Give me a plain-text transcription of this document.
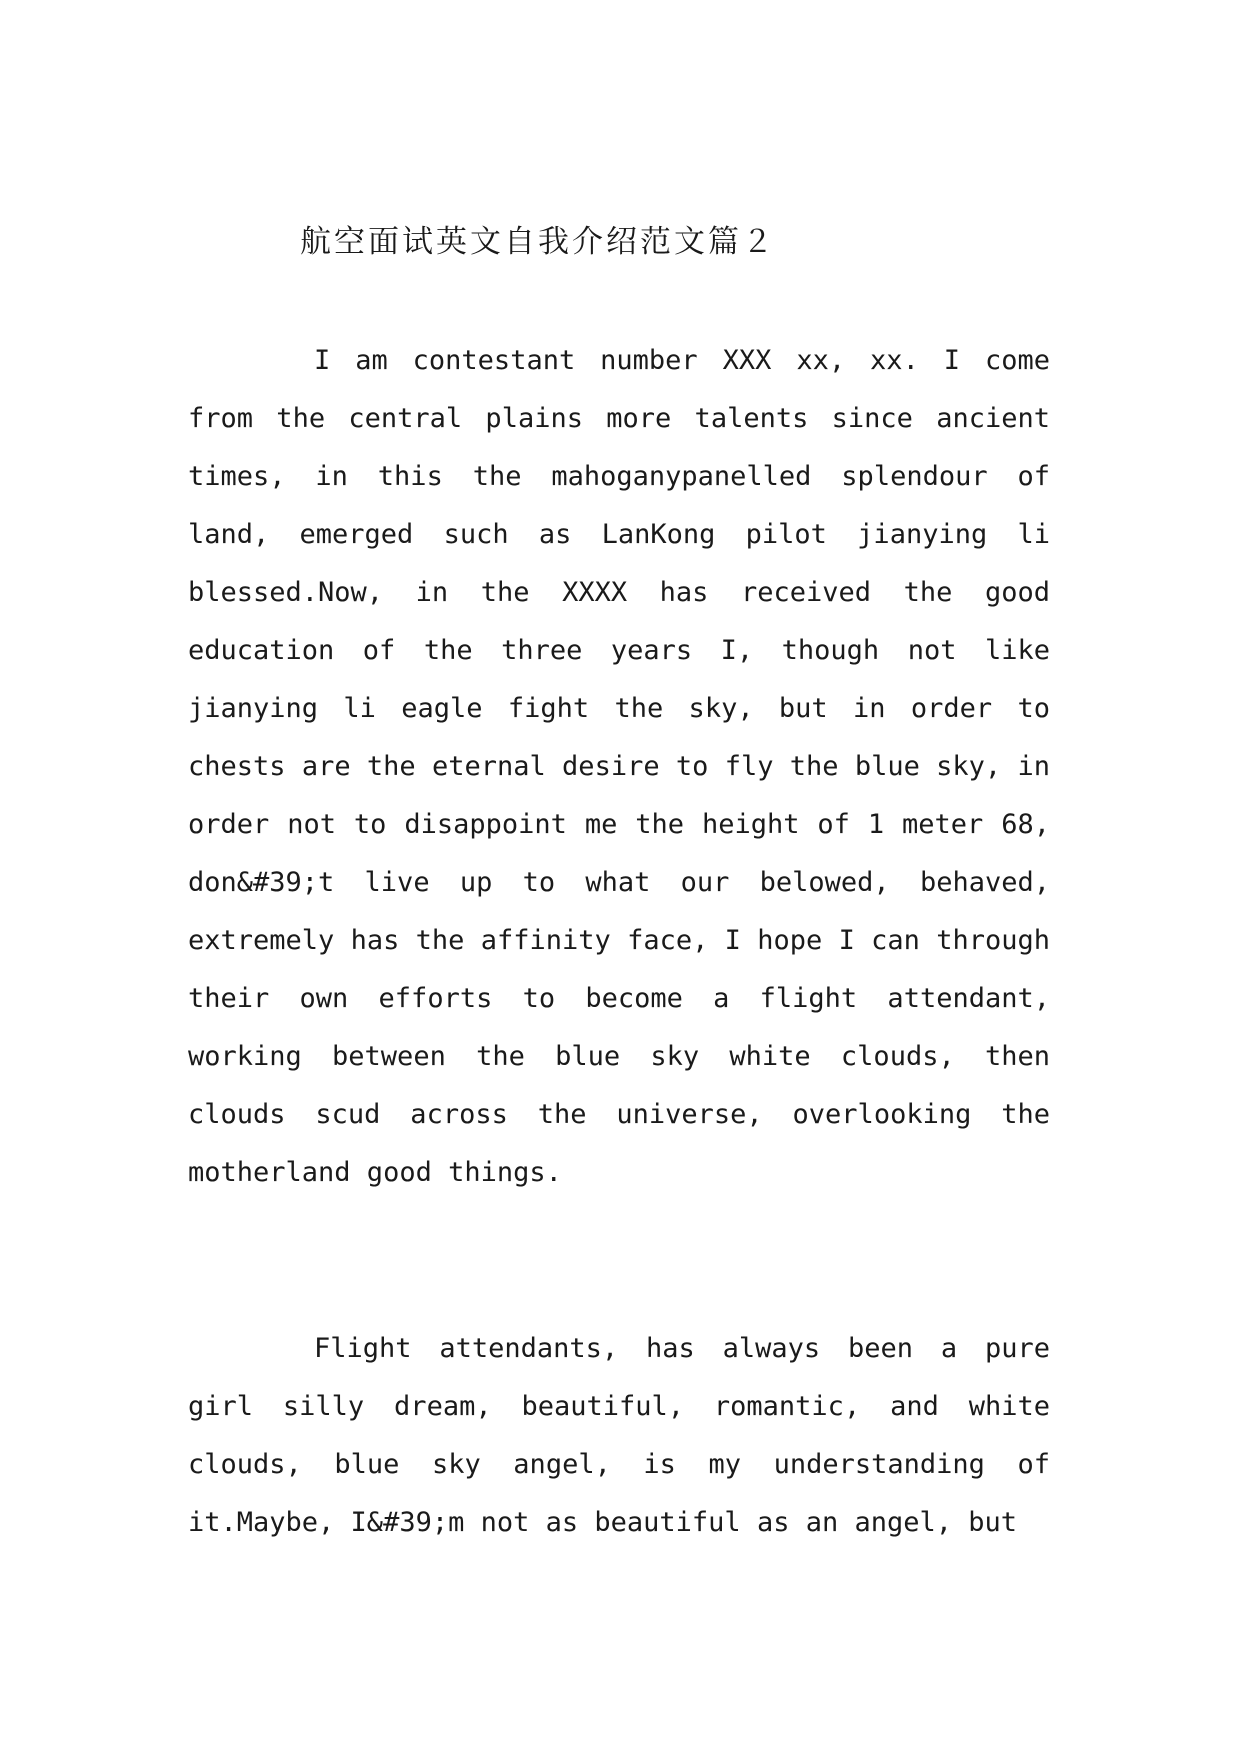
航空面试英文自我介绍范文篇２

I am contestant number XXX xx, xx. I come from the central plains more talents since ancient times, in this the mahoganypanelled splendour of land, emerged such as LanKong pilot jianying li blessed.Now, in the XXXX has received the good education of the three years I, though not like jianying li eagle fight the sky, but in order to chests are the eternal desire to fly the blue sky, in order not to disappoint me the height of 1 meter 68, don&#39;t live up to what our belowed, behaved, extremely has the affinity face, I hope I can through their own efforts to become a flight attendant, working between the blue sky white clouds, then clouds scud across the universe, overlooking the motherland good things.

Flight attendants, has always been a pure girl silly dream, beautiful, romantic, and white clouds, blue sky angel, is my understanding of it.Maybe, I&#39;m not as beautiful as an angel, but
